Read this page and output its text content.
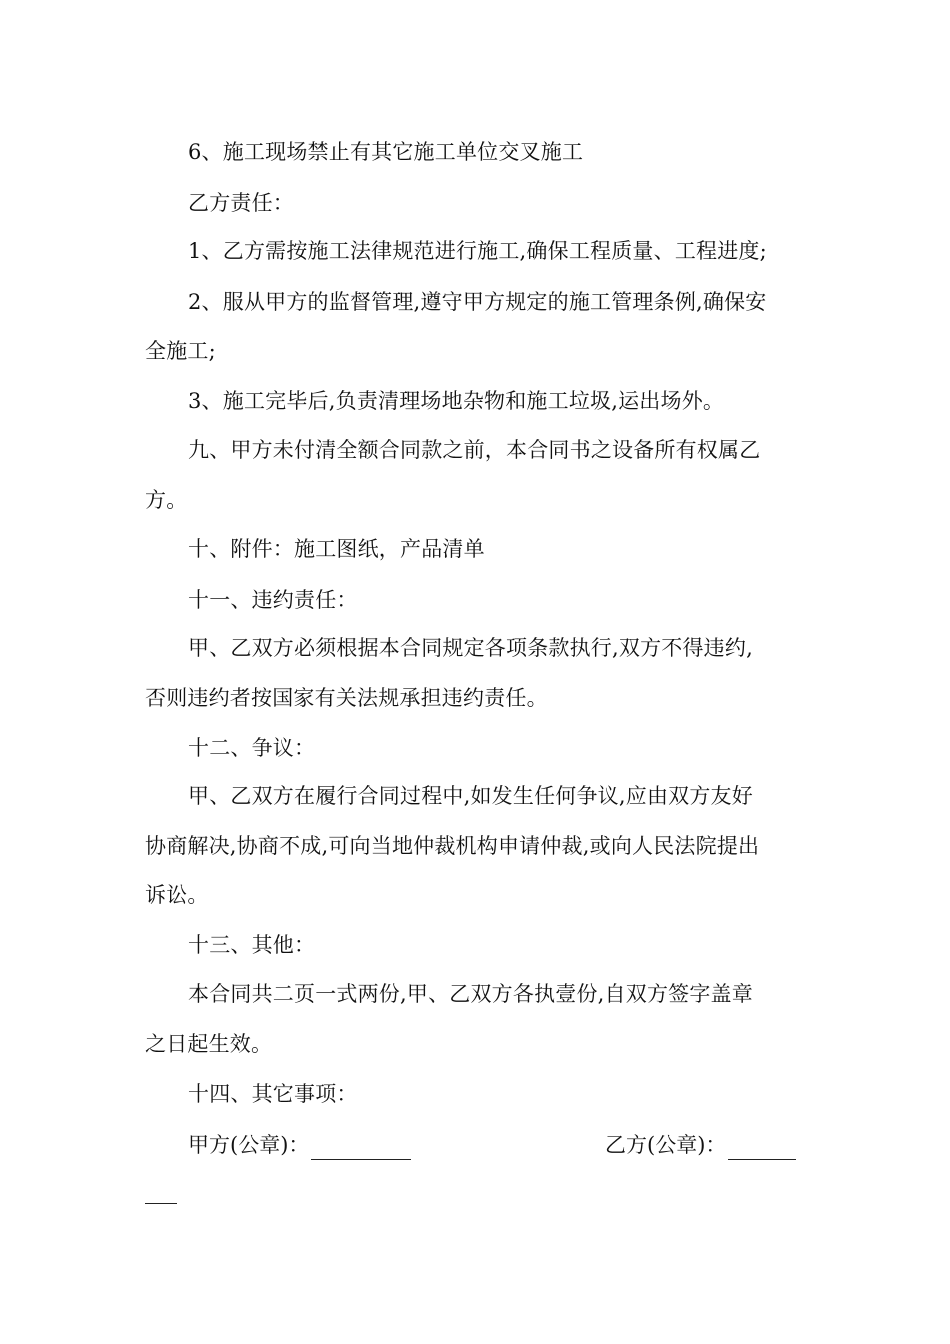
6、施工现场禁止有其它施工单位交叉施工
乙方责任：
1、乙方需按施工法律规范进行施工,确保工程质量、工程进度;
2、服从甲方的监督管理,遵守甲方规定的施工管理条例,确保安
全施工;
3、施工完毕后,负责清理场地杂物和施工垃圾,运出场外。
九、甲方未付清全额合同款之前，本合同书之设备所有权属乙
方。
十、附件：施工图纸，产品清单
十一、违约责任：
甲、乙双方必须根据本合同规定各项条款执行,双方不得违约,
否则违约者按国家有关法规承担违约责任。
十二、争议：
甲、乙双方在履行合同过程中,如发生任何争议,应由双方友好
协商解决,协商不成,可向当地仲裁机构申请仲裁,或向人民法院提出
诉讼。
十三、其他：
本合同共二页一式两份,甲、乙双方各执壹份,自双方签字盖章
之日起生效。
十四、其它事项：
甲方(公章)：	乙方(公章)：
